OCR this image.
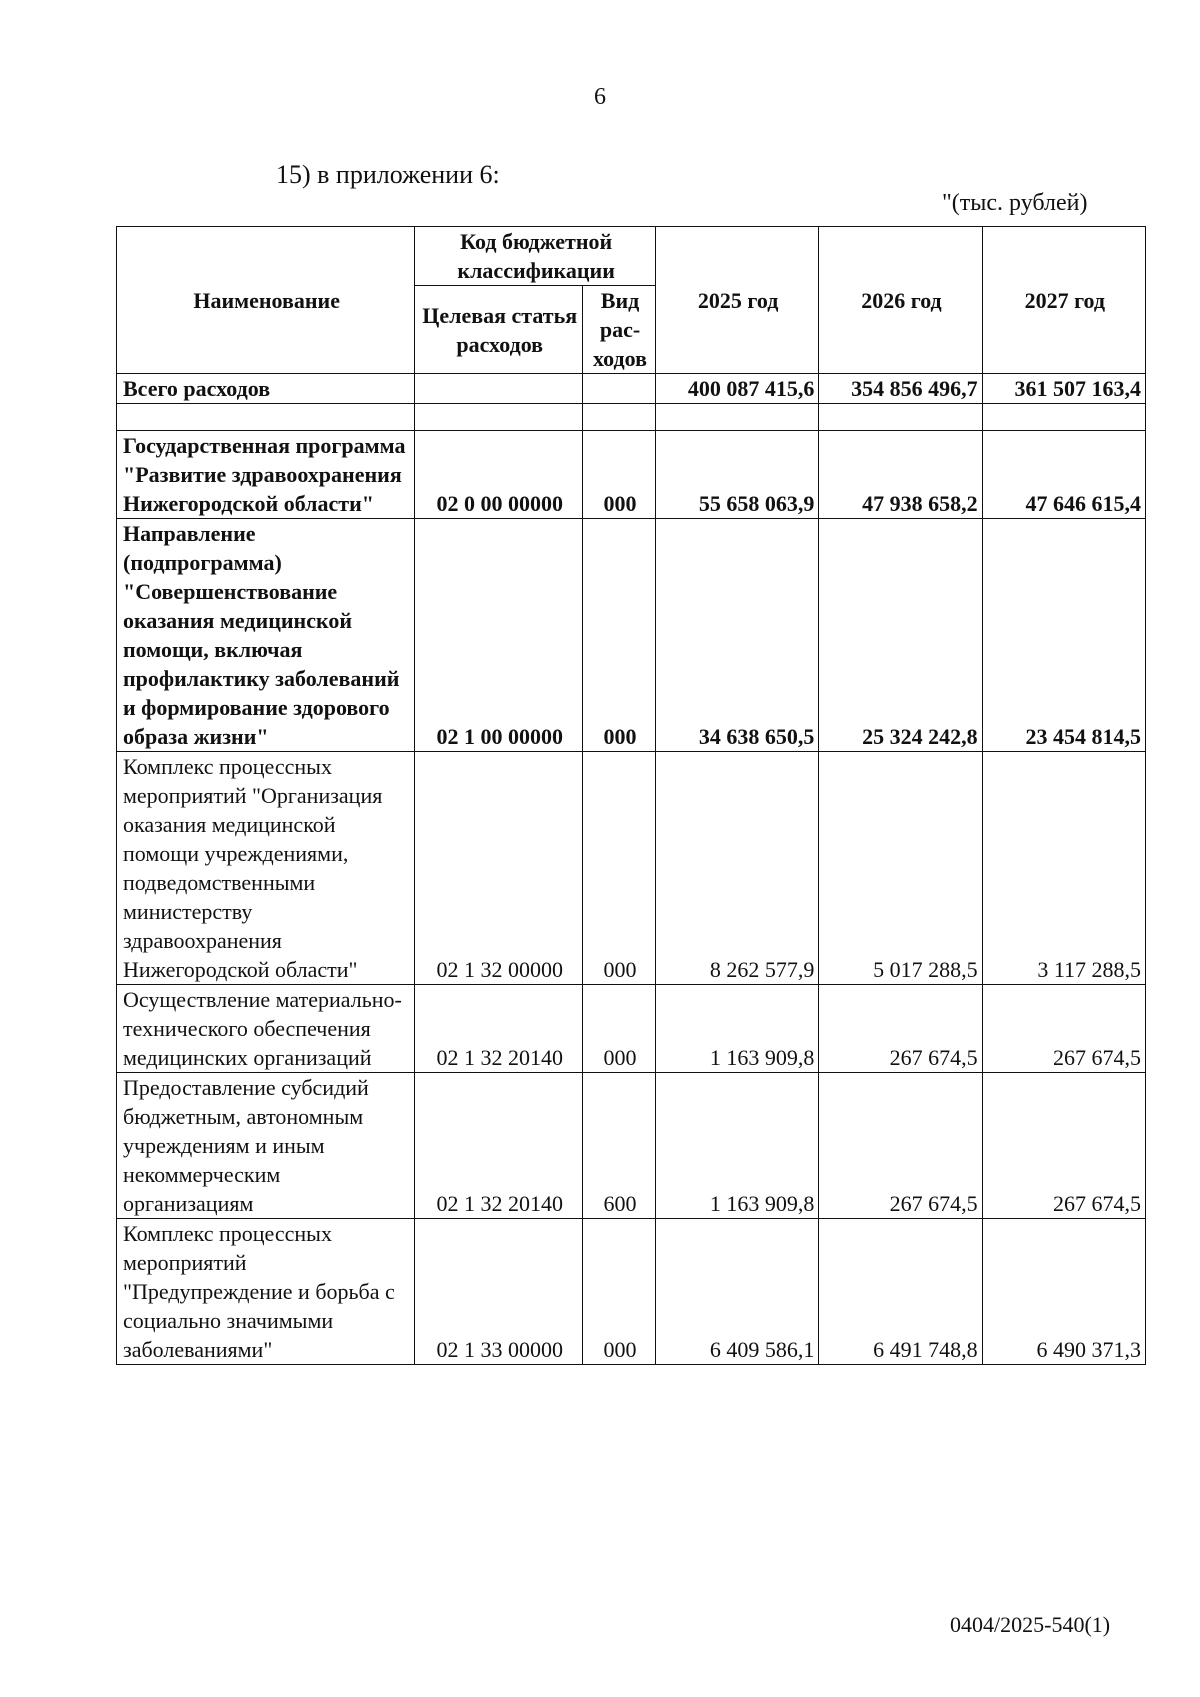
6
15) в приложении 6:
"(тыс. рублей)
Наименование	Код бюджетной классификации		2025 год	2026 год	2027 год
	Целевая статья расходов	Вид рас-ходов			
Всего расходов			400 087 415,6	354 856 496,7	361 507 163,4

Государственная программа "Развитие здравоохранения Нижегородской области"	02 0 00 00000	000	55 658 063,9	47 938 658,2	47 646 615,4
Направление (подпрограмма) "Совершенствование оказания медицинской помощи, включая профилактику заболеваний и формирование здорового образа жизни"	02 1 00 00000	000	34 638 650,5	25 324 242,8	23 454 814,5
Комплекс процессных мероприятий "Организация оказания медицинской помощи учреждениями, подведомственными министерству здравоохранения Нижегородской области"	02 1 32 00000	000	8 262 577,9	5 017 288,5	3 117 288,5
Осуществление материально-технического обеспечения медицинских организаций	02 1 32 20140	000	1 163 909,8	267 674,5	267 674,5
Предоставление субсидий бюджетным, автономным учреждениям и иным некоммерческим организациям	02 1 32 20140	600	1 163 909,8	267 674,5	267 674,5
Комплекс процессных мероприятий "Предупреждение и борьба с социально значимыми заболеваниями"	02 1 33 00000	000	6 409 586,1	6 491 748,8	6 490 371,3
0404/2025-540(1)
